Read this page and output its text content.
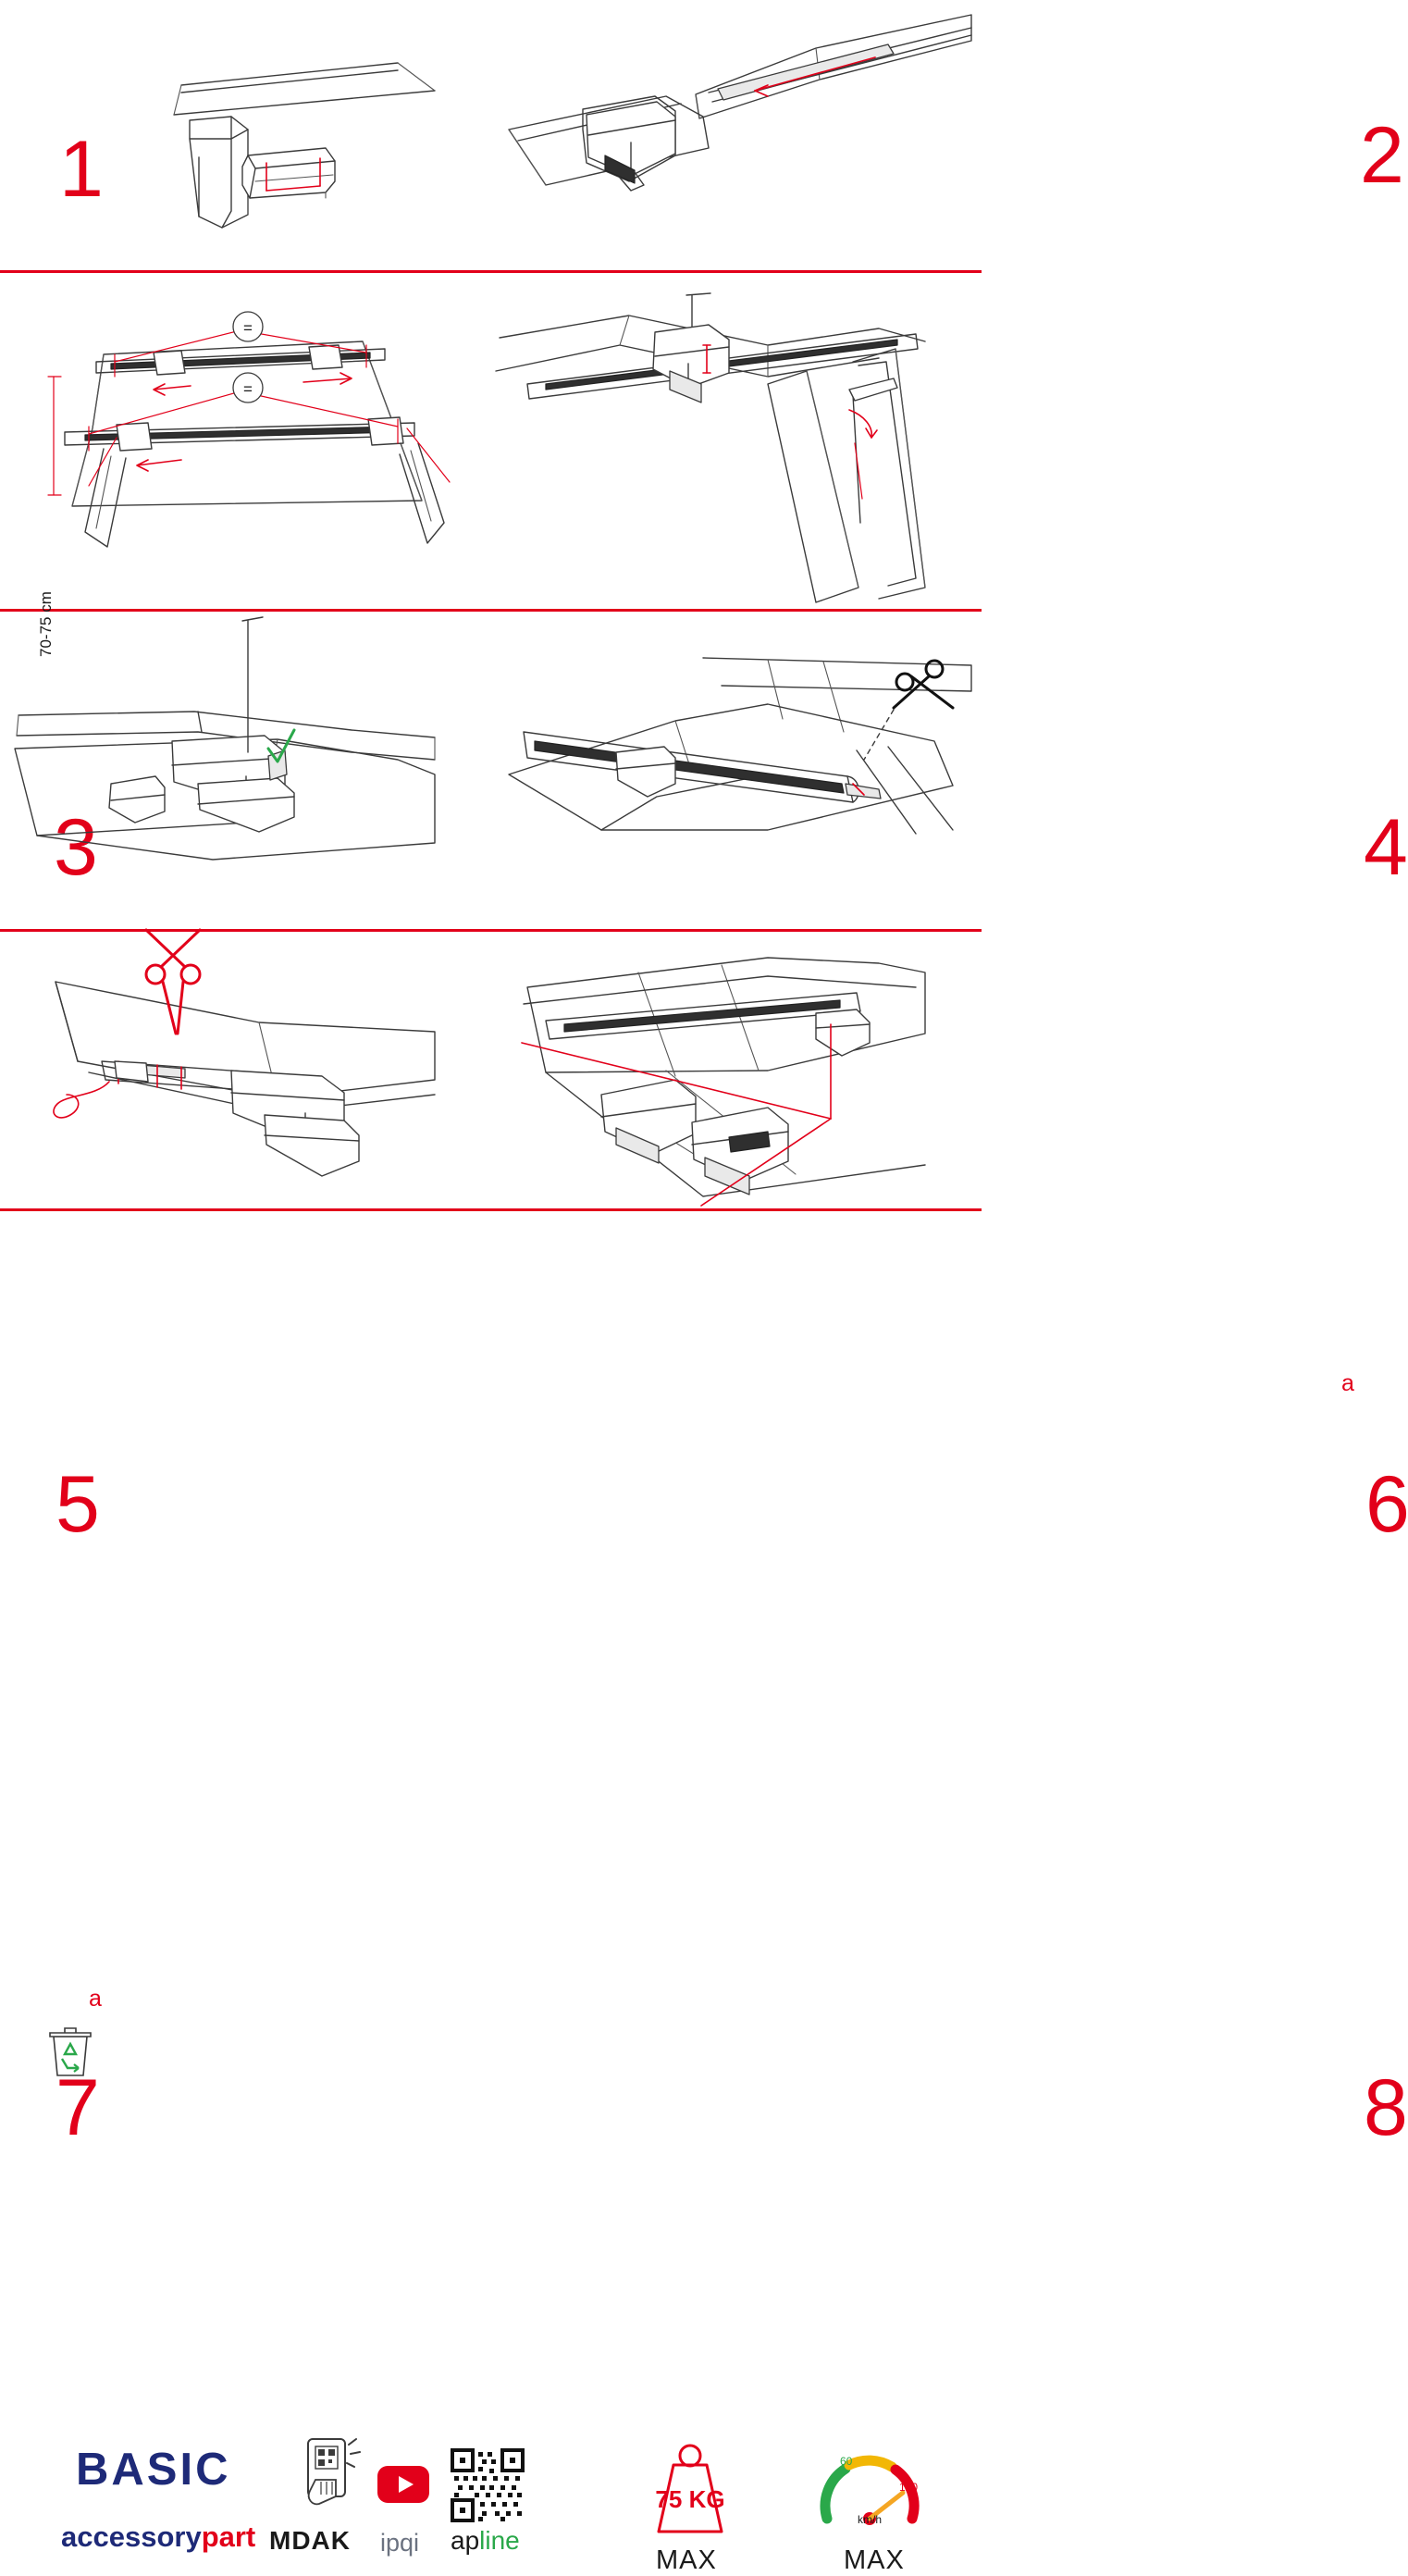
1	2
=
=
70-75 cm
3	4
5
a
6
a
7	8
BASIC
accessorypart MDAK ipqi apline
75 KG
MAX
60
120
km/h
MAX
